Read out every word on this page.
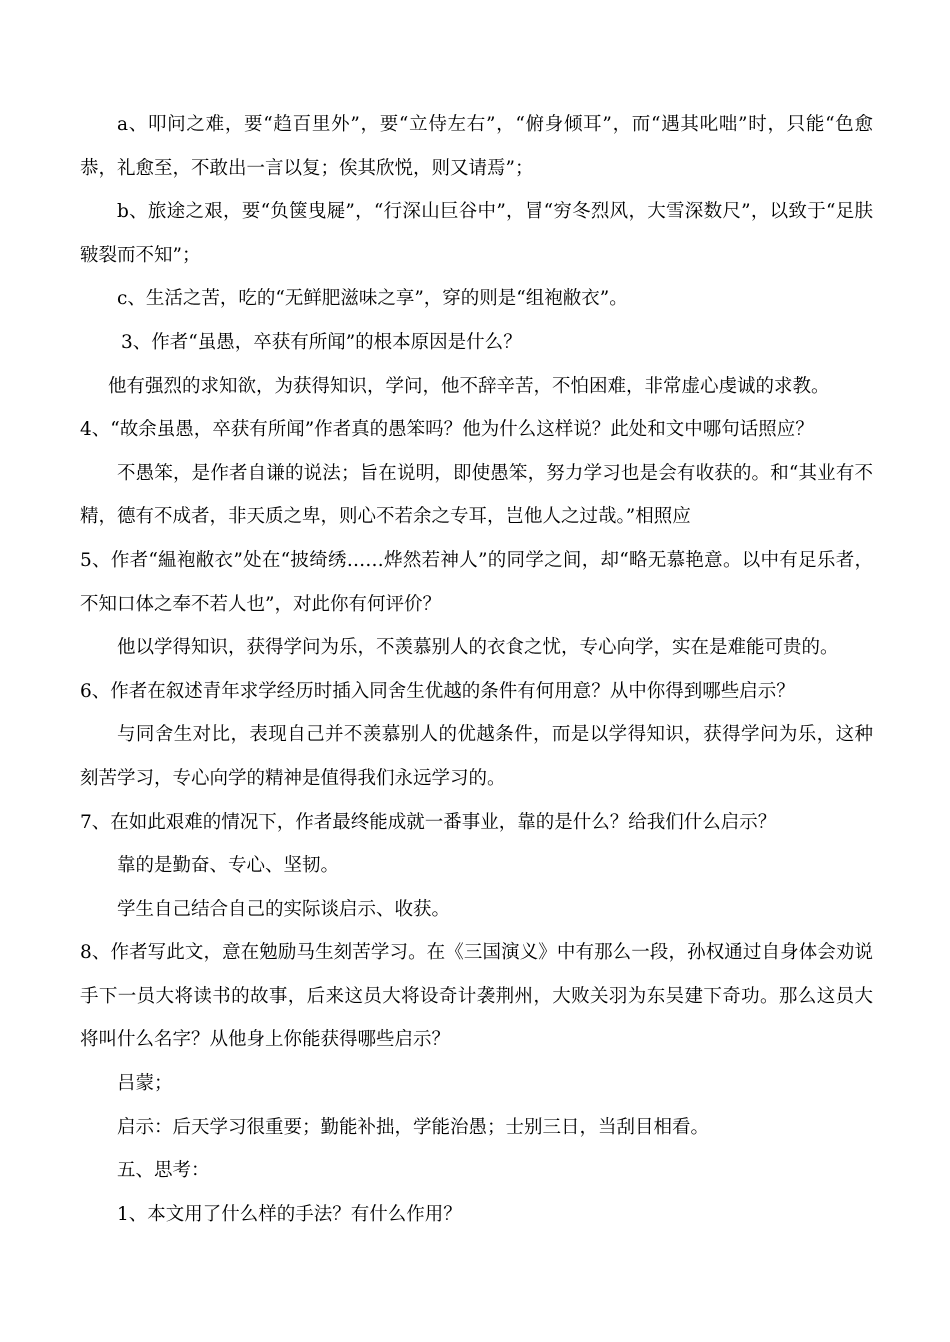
a、叩问之难，要“趋百里外”，要“立侍左右”，“俯身倾耳”，而“遇其叱咄”时，只能“色愈恭，礼愈至，不敢出一言以复；俟其欣悦，则又请焉”；

b、旅途之艰，要“负箧曳屣”，“行深山巨谷中”，冒“穷冬烈风，大雪深数尺”，以致于“足肤皲裂而不知”；

c、生活之苦，吃的“无鲜肥滋味之享”，穿的则是“组袍敝衣”。

3、作者“虽愚，卒获有所闻”的根本原因是什么？

他有强烈的求知欲，为获得知识，学问，他不辞辛苦，不怕困难，非常虚心虔诚的求教。

4、“故余虽愚，卒获有所闻”作者真的愚笨吗？他为什么这样说？此处和文中哪句话照应？

不愚笨，是作者自谦的说法；旨在说明，即使愚笨，努力学习也是会有收获的。和“其业有不精，德有不成者，非天质之卑，则心不若余之专耳，岂他人之过哉。”相照应

5、作者“緼袍敝衣”处在“披绮绣……烨然若神人”的同学之间，却“略无慕艳意。以中有足乐者，不知口体之奉不若人也”，对此你有何评价？

他以学得知识，获得学问为乐，不羡慕别人的衣食之忧，专心向学，实在是难能可贵的。

6、作者在叙述青年求学经历时插入同舍生优越的条件有何用意？从中你得到哪些启示？

与同舍生对比，表现自己并不羡慕别人的优越条件，而是以学得知识，获得学问为乐，这种刻苦学习，专心向学的精神是值得我们永远学习的。

7、在如此艰难的情况下，作者最终能成就一番事业，靠的是什么？给我们什么启示？

靠的是勤奋、专心、坚韧。

学生自己结合自己的实际谈启示、收获。

8、作者写此文，意在勉励马生刻苦学习。在《三国演义》中有那么一段，孙权通过自身体会劝说手下一员大将读书的故事，后来这员大将设奇计袭荆州，大败关羽为东吴建下奇功。那么这员大将叫什么名字？从他身上你能获得哪些启示？

吕蒙；

启示：后天学习很重要；勤能补拙，学能治愚；士别三日，当刮目相看。

五、思考：

1、本文用了什么样的手法？有什么作用？
